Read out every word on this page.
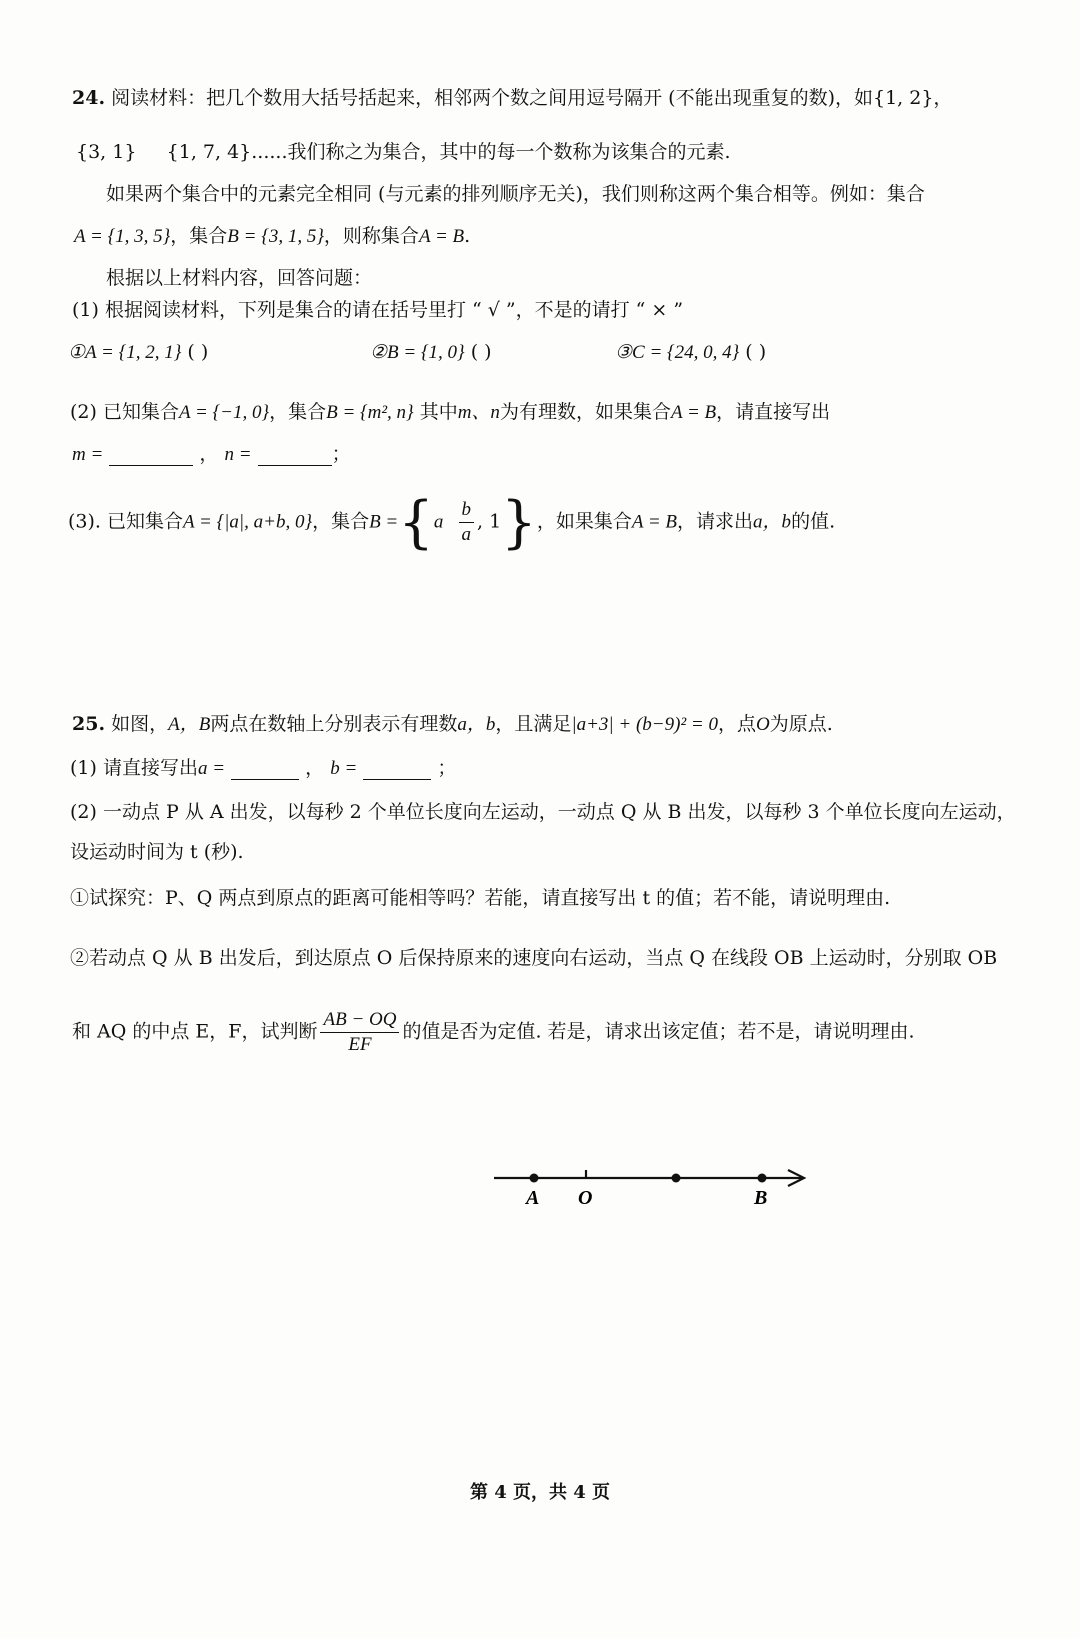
24. 阅读材料：把几个数用大括号括起来，相邻两个数之间用逗号隔开 (不能出现重复的数)，如{1, 2}，
{3, 1} {1, 7, 4}......我们称之为集合，其中的每一个数称为该集合的元素.
如果两个集合中的元素完全相同 (与元素的排列顺序无关)，我们则称这两个集合相等。例如：集合
A = {1, 3, 5}，集合B = {3, 1, 5}，则称集合A = B.
根据以上材料内容，回答问题：
(1) 根据阅读材料，下列是集合的请在括号里打 “ √ ”，不是的请打 “ × ”
①A = {1, 2, 1} ( )	②B = {1, 0} ( )	③C = {24, 0, 4} ( )
(2) 已知集合A = {−1, 0}，集合B = {m², n} 其中m、n为有理数，如果集合A = B，请直接写出
m =	， n =	；
(3). 已知集合A = {|a|, a+b, 0}，集合$B =\{a \frac{b}{a}$ , 1}，如果集合A = B，请求出a，b的值.
25. 如图，A，B两点在数轴上分别表示有理数a，b，且满足|a+3| + (b−9)² = 0，点O为原点.
(1) 请直接写出a =	， b =	；
(2) 一动点 P 从 A 出发，以每秒 2 个单位长度向左运动，一动点 Q 从 B 出发，以每秒 3 个单位长度向左运动，
设运动时间为 t (秒).
①试探究：P、Q 两点到原点的距离可能相等吗？若能，请直接写出 t 的值；若不能，请说明理由.
②若动点 Q 从 B 出发后，到达原点 O 后保持原来的速度向右运动，当点 Q 在线段 OB 上运动时，分别取 OB
和 AQ 的中点 E，F，试判断 $\frac{AB - OQ}{EF}$ 的值是否为定值. 若是，请求出该定值；若不是，请说明理由.
A O	B
第 4 页，共 4 页
